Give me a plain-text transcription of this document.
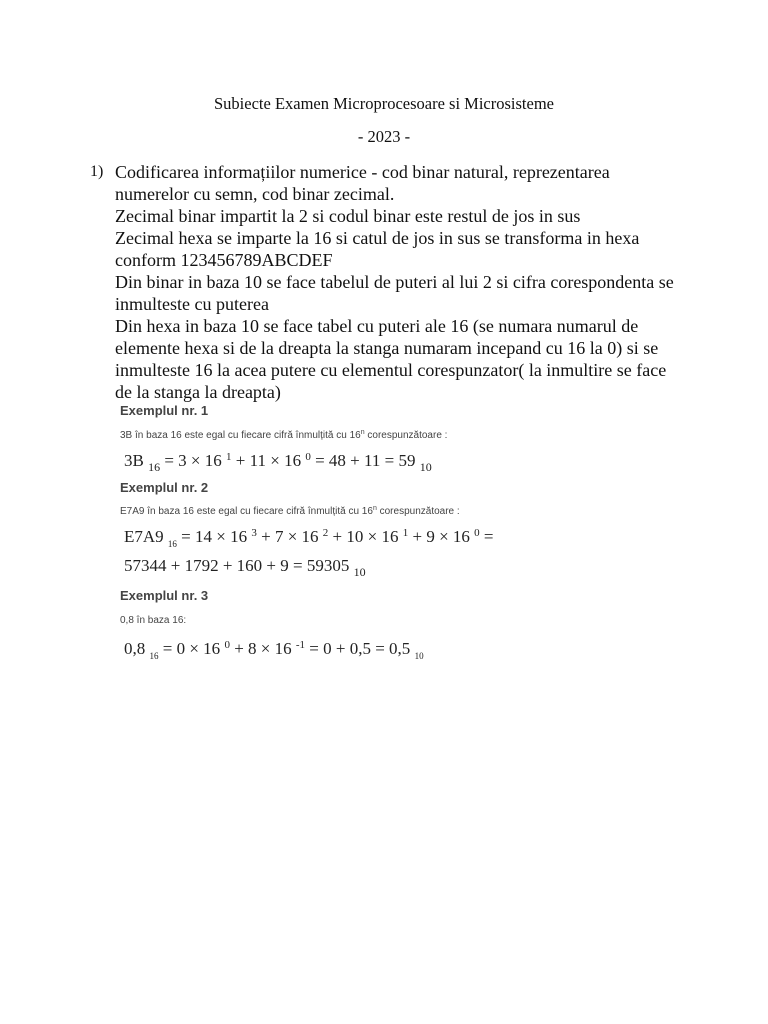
Subiecte Examen Microprocesoare si Microsisteme
- 2023 -
1) Codificarea informațiilor numerice - cod binar natural, reprezentarea
numerelor cu semn, cod binar zecimal.
Zecimal binar impartit la 2 si codul binar este restul de jos in sus
Zecimal hexa se imparte la 16 si catul de jos in sus se transforma in hexa
conform 123456789ABCDEF
Din binar in baza 10 se face tabelul de puteri al lui 2 si cifra corespondenta se
inmulteste cu puterea
Din hexa in baza 10 se face tabel cu puteri ale 16 (se numara numarul de
elemente hexa si de la dreapta la stanga numaram incepand cu 16 la 0) si se
inmulteste 16 la acea putere cu elementul corespunzator( la inmultire se face
de la stanga la dreapta)
Exemplul nr. 1
3B în baza 16 este egal cu fiecare cifră înmulțită cu 16$^n$ corespunzătoare :
3B $_{16}$ = 3 × 16 $^1$ + 11 × 16 $^0$ = 48 + 11 = 59 $_{10}$
Exemplul nr. 2
E7A9 în baza 16 este egal cu fiecare cifră înmulțită cu 16$^n$ corespunzătoare :
E7A9 $_{16}$ = 14 × 16 $^3$ + 7 × 16 $^2$ + 10 × 16 $^1$ + 9 × 16 $^0$ =
57344 + 1792 + 160 + 9 = 59305 $_{10}$
Exemplul nr. 3
0,8 în baza 16:
0,8 $_{16}$ = 0 × 16 $^0$ + 8 × 16 $^{-1}$ = 0 + 0,5 = 0,5 $_{10}$
